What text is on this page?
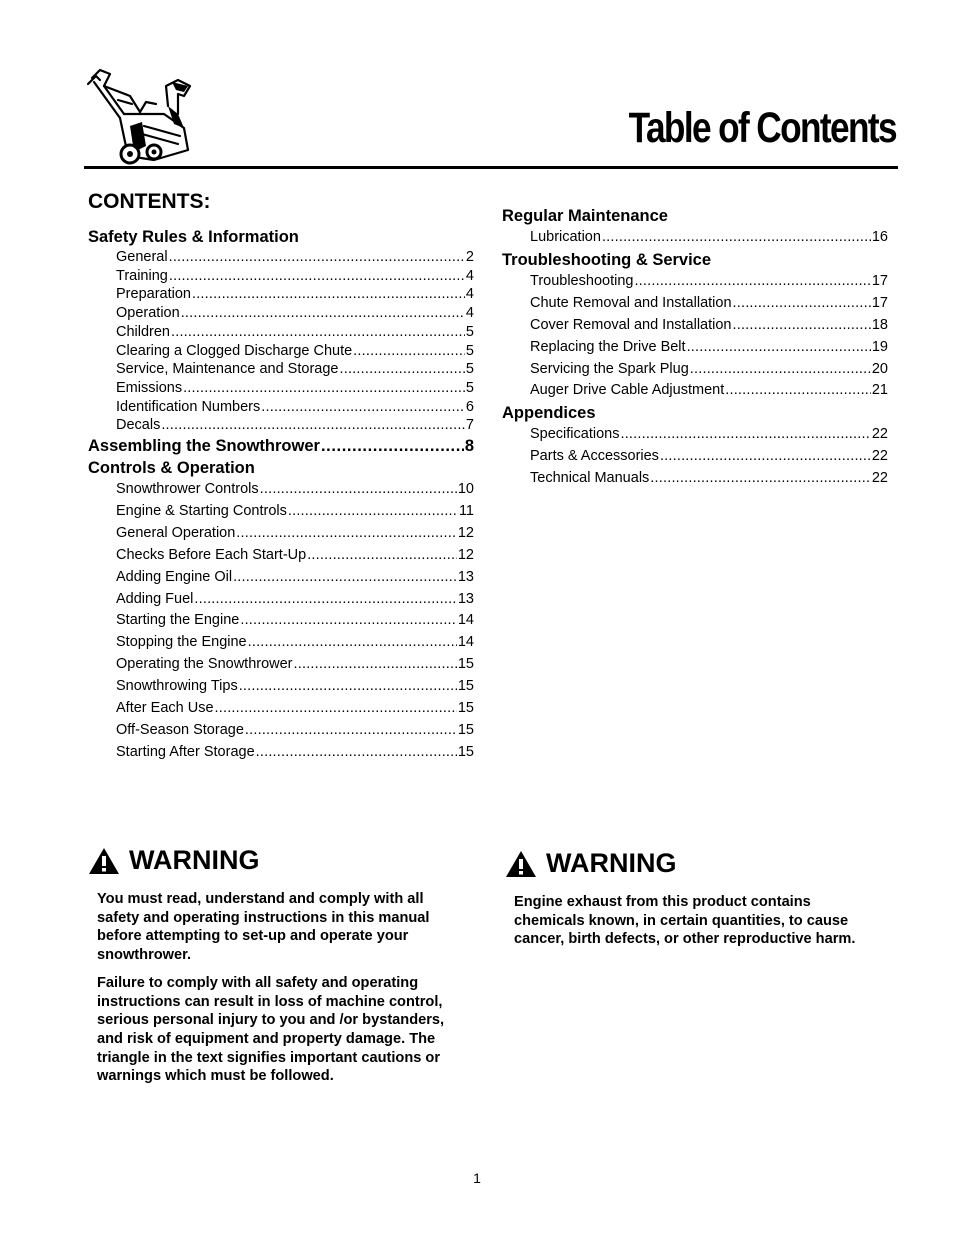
Table of Contents
CONTENTS:
Safety Rules & Information
General .....	2
Training .....	4
Preparation .....	4
Operation .....	4
Children .....	5
Clearing a Clogged Discharge Chute .....	5
Service, Maintenance and Storage .....	5
Emissions .....	5
Identification Numbers .....	6
Decals .....	7
Assembling the Snowthrower .....	8
Controls & Operation
Snowthrower Controls .....	10
Engine & Starting Controls .....	11
General Operation .....	12
Checks Before Each Start-Up .....	12
Adding Engine Oil .....	13
Adding Fuel .....	13
Starting the Engine .....	14
Stopping the Engine .....	14
Operating the Snowthrower .....	15
Snowthrowing Tips .....	15
After Each Use .....	15
Off-Season Storage .....	15
Starting After Storage .....	15
Regular Maintenance
Lubrication .....	16
Troubleshooting & Service
Troubleshooting .....	17
Chute Removal and Installation .....	17
Cover Removal and Installation .....	18
Replacing the Drive Belt .....	19
Servicing the Spark Plug .....	20
Auger Drive Cable Adjustment .....	21
Appendices
Specifications .....	22
Parts & Accessories .....	22
Technical Manuals .....	22
WARNING

You must read, understand and comply with all safety and operating instructions in this manual before attempting to set-up and operate your snowthrower.

Failure to comply with all safety and operating instructions can result in loss of machine control, serious personal injury to you and /or bystanders, and risk of equipment and property damage. The triangle in the text signifies important cautions or warnings which must be followed.

WARNING

Engine exhaust from this product contains chemicals known, in certain quantities, to cause cancer, birth defects, or other reproductive harm.

1
